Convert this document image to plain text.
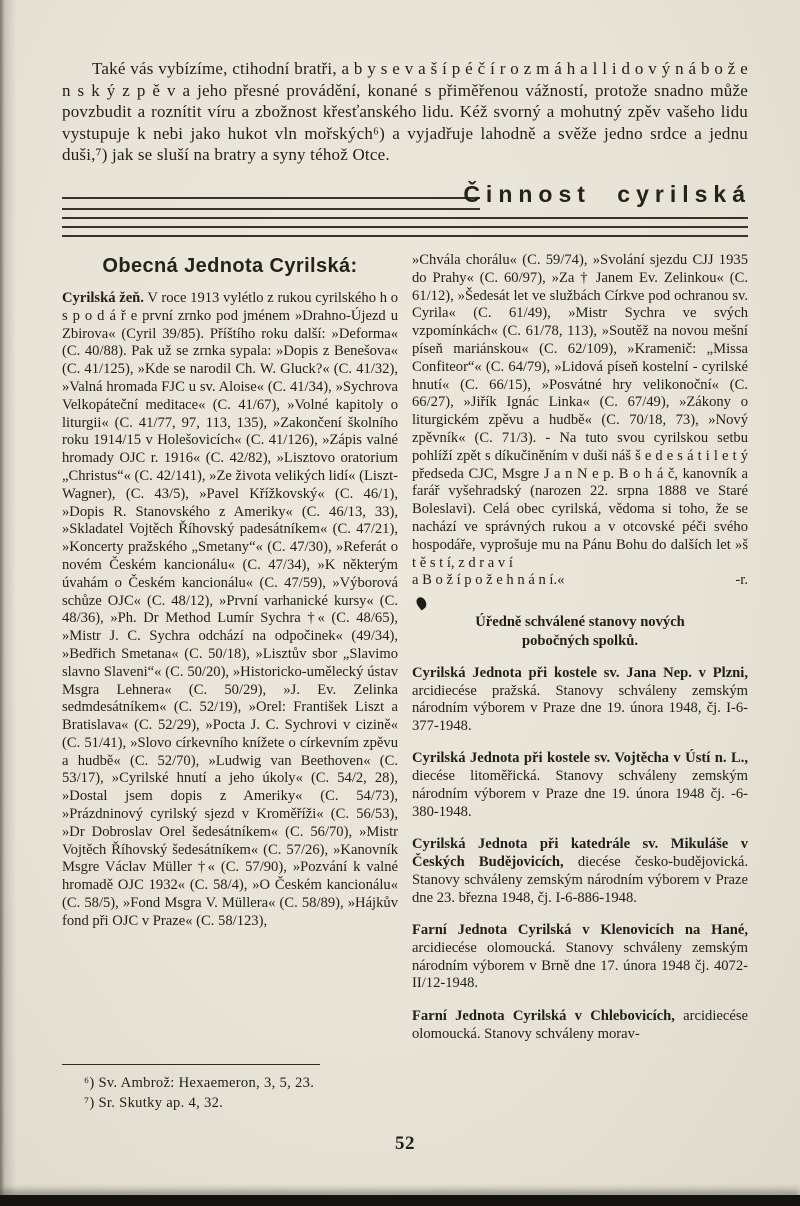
Také vás vybízíme, ctihodní bratři, a b y s e v a š í p é č í r o z m á h a l l i d o v ý n á b o ž e n s k ý z p ě v a jeho přesné provádění, konané s přiměřenou vážností, protože snadno může povzbudit a roznítit víru a zbožnost křesťanského lidu. Kéž svorný a mohutný zpěv vašeho lidu vystupuje k nebi jako hukot vln mořských⁶) a vyjadřuje lahodně a svěže jedno srdce a jednu duši,⁷) jak se sluší na bratry a syny téhož Otce.

Činnost cyrilská
Obecná Jednota Cyrilská:

Cyrilská žeň. V roce 1913 vylétlo z rukou cyrilského h o s p o d á ř e první zrnko pod jménem »Drahno-Újezd u Zbirova« (Cyril 39/85). Příštího roku další: »Deforma« (C. 40/88). Pak už se zrnka sypala: »Dopis z Benešova« (C. 41/125), »Kde se narodil Ch. W. Gluck?« (C. 41/32), »Valná hromada FJC u sv. Aloise« (C. 41/34), »Sychrova Velkopáteční meditace« (C. 41/67), »Volné kapitoly o liturgii« (C. 41/77, 97, 113, 135), »Zakončení školního roku 1914/15 v Holešovicích« (C. 41/126), »Zápis valné hromady OJC r. 1916« (C. 42/82), »Lisztovo oratorium „Christus“« (C. 42/141), »Ze života velikých lidí« (Liszt-Wagner), (C. 43/5), »Pavel Křížkovský« (C. 46/1), »Dopis R. Stanovského z Ameriky« (C. 46/13, 33), »Skladatel Vojtěch Říhovský padesátníkem« (C. 47/21), »Koncerty pražského „Smetany“« (C. 47/30), »Referát o novém Českém kancionálu« (C. 47/34), »K některým úvahám o Českém kancionálu« (C. 47/59), »Výborová schůze OJC« (C. 48/12), »První varhanické kursy« (C. 48/36), »Ph. Dr Method Lumír Sychra †« (C. 48/65), »Mistr J. C. Sychra odchází na odpočinek« (49/34), »Bedřich Smetana« (C. 50/18), »Lisztův sbor „Slavimo slavno Slaveni“« (C. 50/20), »Historicko-umělecký ústav Msgra Lehnera« (C. 50/29), »J. Ev. Zelinka sedmdesátníkem« (C. 52/19), »Orel: František Liszt a Bratislava« (C. 52/29), »Pocta J. C. Sychrovi v cizině« (C. 51/41), »Slovo církevního knížete o církevním zpěvu a hudbě« (C. 52/70), »Ludwig van Beethoven« (C. 53/17), »Cyrilské hnutí a jeho úkoly« (C. 54/2, 28), »Dostal jsem dopis z Ameriky« (C. 54/73), »Prázdninový cyrilský sjezd v Kroměříži« (C. 56/53), »Dr Dobroslav Orel šedesátníkem« (C. 56/70), »Mistr Vojtěch Říhovský šedesátníkem« (C. 57/26), »Kanovník Msgre Václav Müller †« (C. 57/90), »Pozvání k valné hromadě OJC 1932« (C. 58/4), »O Českém kancionálu« (C. 58/5), »Fond Msgra V. Müllera« (C. 58/89), »Hájkův fond při OJC v Praze« (C. 58/123),

»Chvála chorálu« (C. 59/74), »Svolání sjezdu CJJ 1935 do Prahy« (C. 60/97), »Za † Janem Ev. Zelinkou« (C. 61/12), »Šedesát let ve službách Církve pod ochranou sv. Cyrila« (C. 61/49), »Mistr Sychra ve svých vzpomínkách« (C. 61/78, 113), »Soutěž na novou mešní píseň mariánskou« (C. 62/109), »Kramenič: „Missa Confiteor“« (C. 64/79), »Lidová píseň kostelní - cyrilské hnutí« (C. 66/15), »Posvátné hry velikonoční« (C. 66/27), »Jiřík Ignác Linka« (C. 67/49), »Zákony o liturgickém zpěvu a hudbě« (C. 70/18, 73), »Nový zpěvník« (C. 71/3). - Na tuto svou cyrilskou setbu pohlíží zpět s díkučiněním v duši náš š e d e s á t i l e t ý předseda CJC, Msgre J a n N e p. B o h á č, kanovník a farář vyšehradský (narozen 22. srpna 1888 ve Staré Boleslavi). Celá obec cyrilská, vědoma si toho, že se nachází ve správných rukou a v otcovské péči svého hospodáře, vyprošuje mu na Pánu Bohu do dalších let »š t ě s t í, z d r a v í

a B o ž í p o ž e h n á n í.«	-r.
Úředně schválené stanovy nových
pobočných spolků.

Cyrilská Jednota při kostele sv. Jana Nep. v Plzni, arcidiecése pražská. Stanovy schváleny zemským národním výborem v Praze dne 19. února 1948, čj. I-6-377-1948.

Cyrilská Jednota při kostele sv. Vojtěcha v Ústí n. L., diecése litoměřická. Stanovy schváleny zemským národním výborem v Praze dne 19. února 1948 čj. -6-380-1948.

Cyrilská Jednota při katedrále sv. Mikuláše v Českých Budějovicích, diecése česko-budějovická. Stanovy schváleny zemským národním výborem v Praze dne 23. března 1948, čj. I-6-886-1948.

Farní Jednota Cyrilská v Klenovicích na Hané, arcidiecése olomoucká. Stanovy schváleny zemským národním výborem v Brně dne 17. února 1948 čj. 4072-II/12-1948.

Farní Jednota Cyrilská v Chlebovicích, arcidiecése olomoucká. Stanovy schváleny morav-

⁶) Sv. Ambrož: Hexaemeron, 3, 5, 23.
⁷) Sr. Skutky ap. 4, 32.
52
